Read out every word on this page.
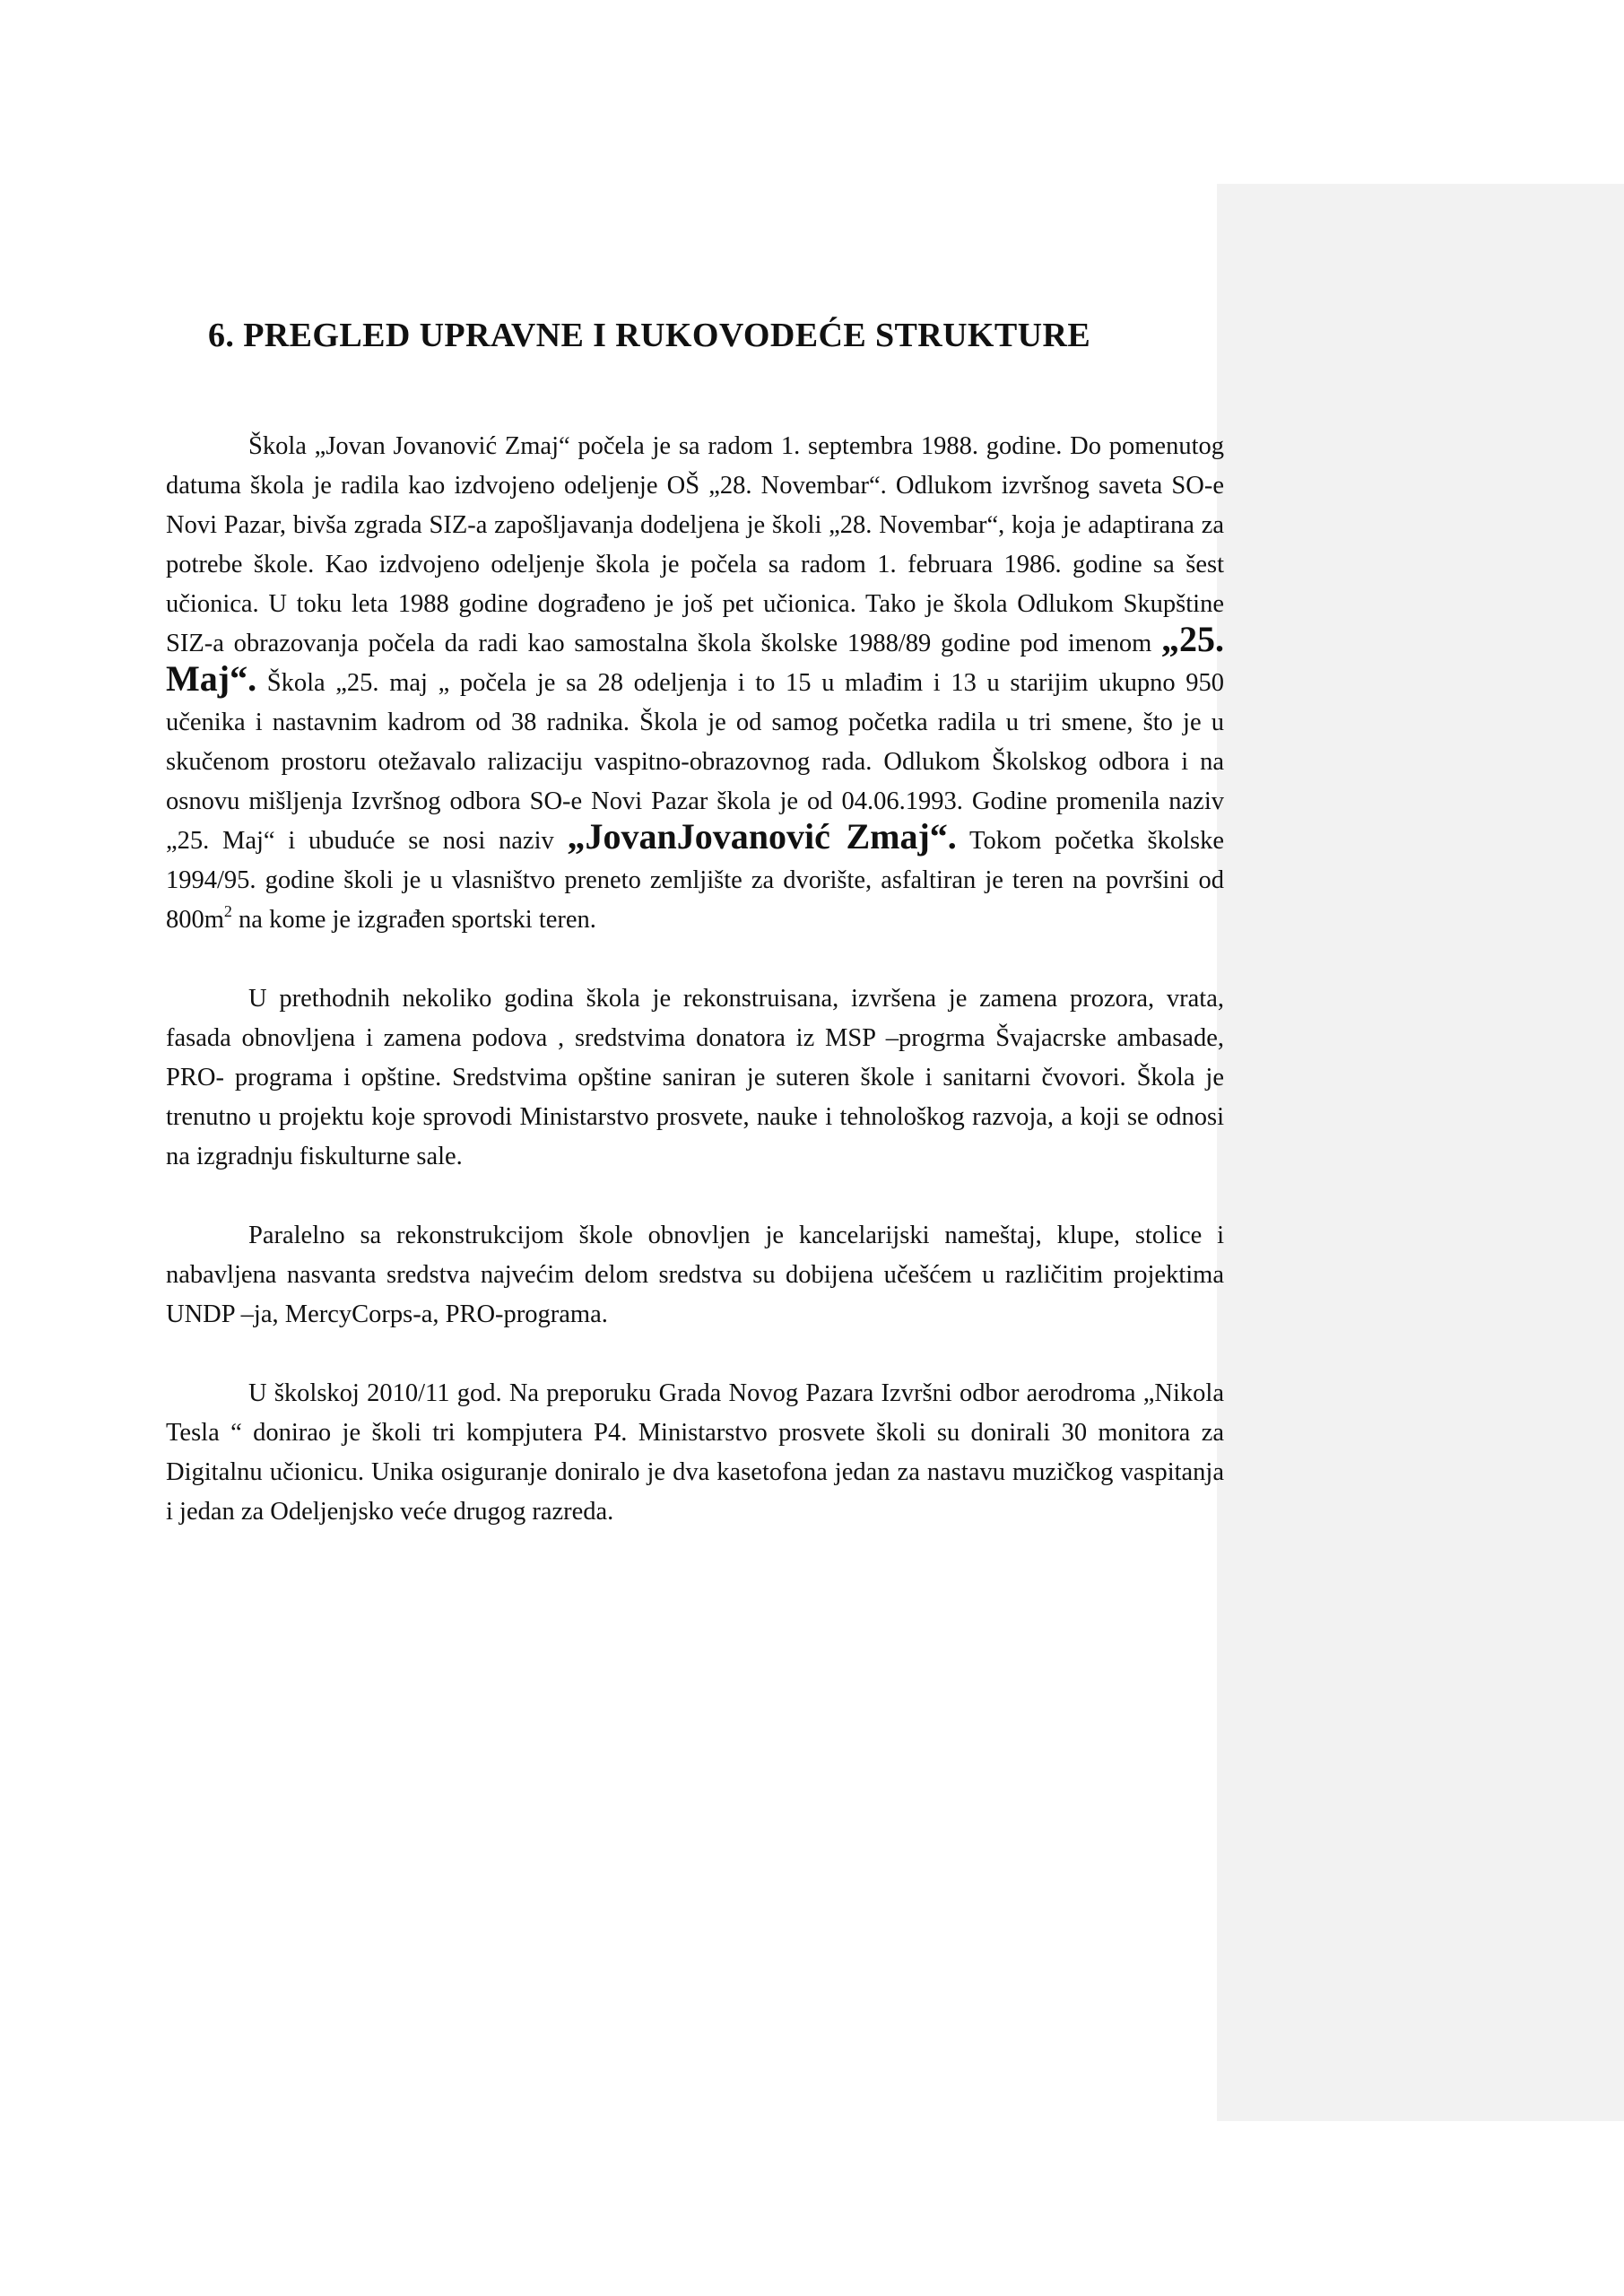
6. PREGLED UPRAVNE I RUKOVODEĆE STRUKTURE

Škola „Jovan Jovanović Zmaj“ počela je sa radom 1. septembra 1988. godine. Do pomenutog datuma škola je radila kao izdvojeno odeljenje OŠ „28. Novembar“. Odlukom izvršnog saveta SO-e Novi Pazar, bivša zgrada SIZ-a zapošljavanja dodeljena je školi „28. Novembar“, koja je adaptirana za potrebe škole. Kao izdvojeno odeljenje škola je počela sa radom 1. februara 1986. godine sa šest učionica. U toku leta 1988 godine dograđeno je još pet učionica. Tako je škola Odlukom Skupštine SIZ-a obrazovanja počela da radi kao samostalna škola školske 1988/89 godine pod imenom „25. Maj“. Škola „25. maj „ počela je sa 28 odeljenja i to 15 u mlađim i 13 u starijim ukupno 950 učenika i nastavnim kadrom od 38 radnika. Škola je od samog početka radila u tri smene, što je u skučenom prostoru otežavalo ralizaciju vaspitno-obrazovnog rada. Odlukom Školskog odbora i na osnovu mišljenja Izvršnog odbora SO-e Novi Pazar škola je od 04.06.1993. Godine promenila naziv „25. Maj“ i ubuduće se nosi naziv „JovanJovanović Zmaj“. Tokom početka školske 1994/95. godine školi je u vlasništvo preneto zemljište za dvorište, asfaltiran je teren na površini od $800m^2$ na kome je izgrađen sportski teren.

U prethodnih nekoliko godina škola je rekonstruisana, izvršena je zamena prozora, vrata, fasada obnovljena i zamena podova , sredstvima donatora iz MSP –progrma Švajacrske ambasade, PRO- programa i opštine. Sredstvima opštine saniran je suteren škole i sanitarni čvovori. Škola je trenutno u projektu koje sprovodi Ministarstvo prosvete, nauke i tehnološkog razvoja, a koji se odnosi na izgradnju fiskulturne sale.

Paralelno sa rekonstrukcijom škole obnovljen je kancelarijski nameštaj, klupe, stolice i nabavljena nasvanta sredstva najvećim delom sredstva su dobijena učešćem u različitim projektima UNDP –ja, MercyCorps-a, PRO-programa.

U školskoj 2010/11 god. Na preporuku Grada Novog Pazara Izvršni odbor aerodroma „Nikola Tesla “ donirao je školi tri kompjutera P4. Ministarstvo prosvete školi su donirali 30 monitora za Digitalnu učionicu. Unika osiguranje doniralo je dva kasetofona jedan za nastavu muzičkog vaspitanja i jedan za Odeljenjsko veće drugog razreda.
